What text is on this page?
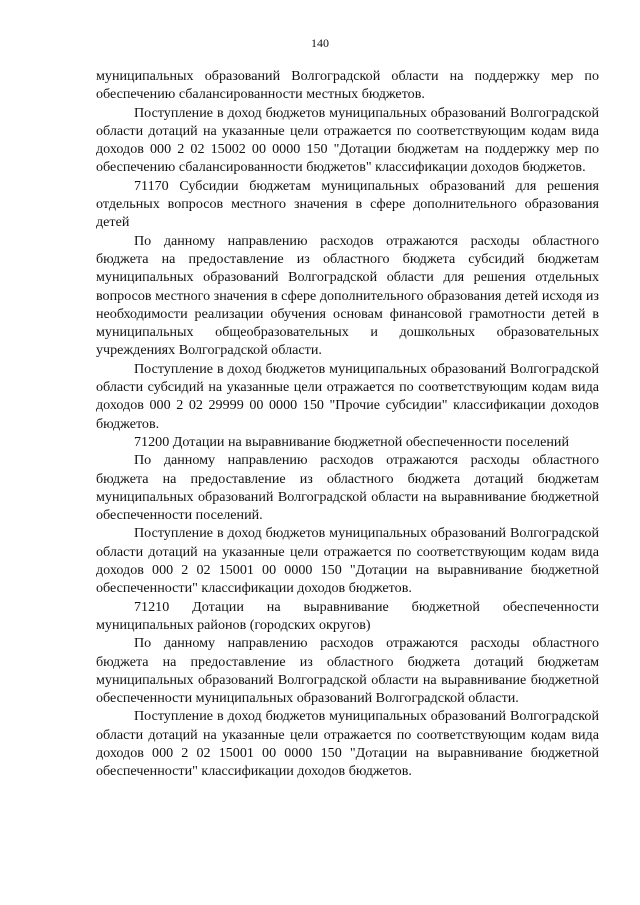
140

муниципальных образований Волгоградской области на поддержку мер по обеспечению сбалансированности местных бюджетов.

Поступление в доход бюджетов муниципальных образований Волгоградской области дотаций на указанные цели отражается по соответствующим кодам вида доходов 000 2 02 15002 00 0000 150 "Дотации бюджетам на поддержку мер по обеспечению сбалансированности бюджетов" классификации доходов бюджетов.

71170 Субсидии бюджетам муниципальных образований для решения отдельных вопросов местного значения в сфере дополнительного образования детей

По данному направлению расходов отражаются расходы областного бюджета на предоставление из областного бюджета субсидий бюджетам муниципальных образований Волгоградской области для решения отдельных вопросов местного значения в сфере дополнительного образования детей исходя из необходимости реализации обучения основам финансовой грамотности детей в муниципальных общеобразовательных и дошкольных образовательных учреждениях Волгоградской области.

Поступление в доход бюджетов муниципальных образований Волгоградской области субсидий на указанные цели отражается по соответствующим кодам вида доходов 000 2 02 29999 00 0000 150 "Прочие субсидии" классификации доходов бюджетов.

71200 Дотации на выравнивание бюджетной обеспеченности поселений

По данному направлению расходов отражаются расходы областного бюджета на предоставление из областного бюджета дотаций бюджетам муниципальных образований Волгоградской области на выравнивание бюджетной обеспеченности поселений.

Поступление в доход бюджетов муниципальных образований Волгоградской области дотаций на указанные цели отражается по соответствующим кодам вида доходов 000 2 02 15001 00 0000 150 "Дотации на выравнивание бюджетной обеспеченности" классификации доходов бюджетов.

71210 Дотации на выравнивание бюджетной обеспеченности муниципальных районов (городских округов)

По данному направлению расходов отражаются расходы областного бюджета на предоставление из областного бюджета дотаций бюджетам муниципальных образований Волгоградской области на выравнивание бюджетной обеспеченности муниципальных образований Волгоградской области.

Поступление в доход бюджетов муниципальных образований Волгоградской области дотаций на указанные цели отражается по соответствующим кодам вида доходов 000 2 02 15001 00 0000 150 "Дотации на выравнивание бюджетной обеспеченности" классификации доходов бюджетов.
